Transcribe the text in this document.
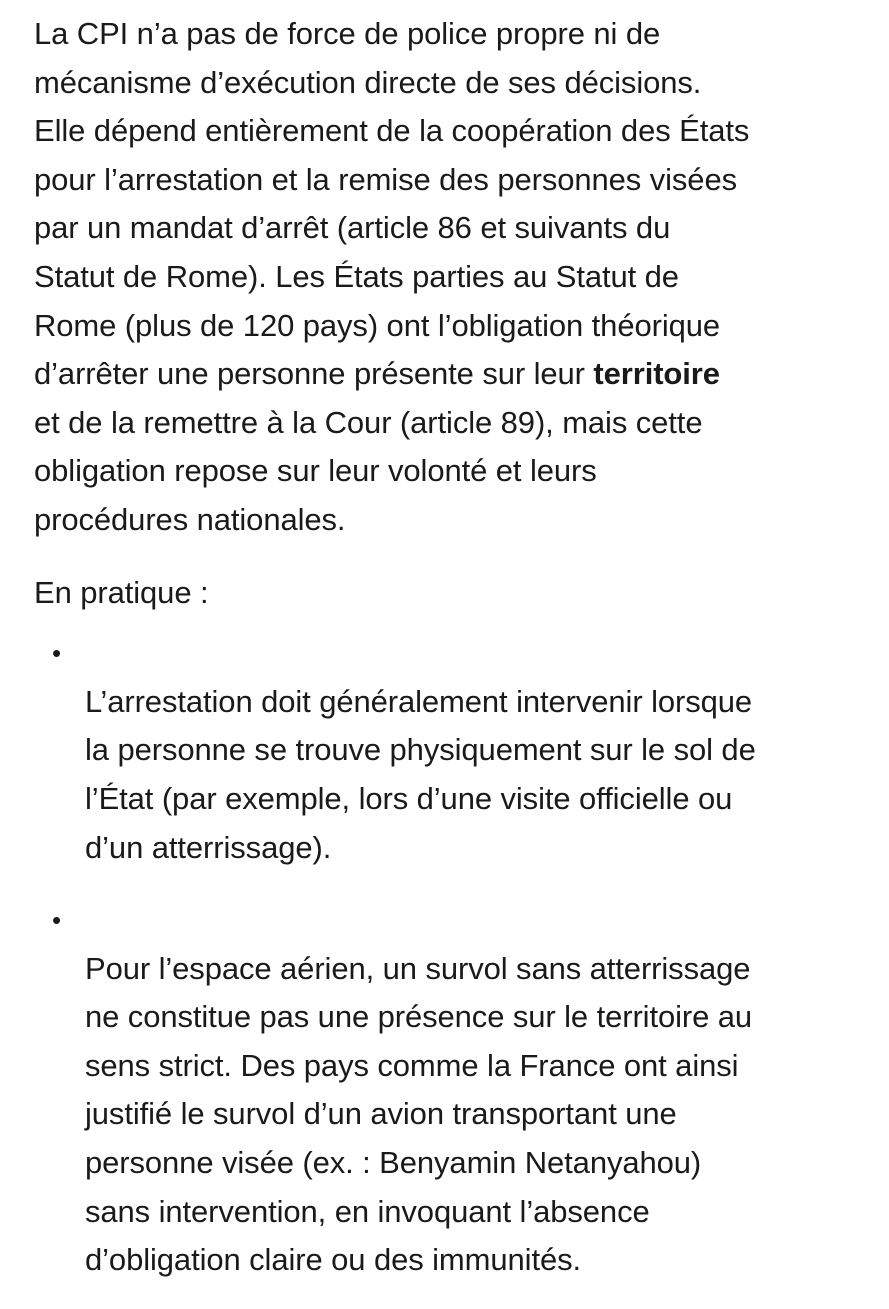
La CPI n’a pas de force de police propre ni de
mécanisme d’exécution directe de ses décisions.
Elle dépend entièrement de la coopération des États
pour l’arrestation et la remise des personnes visées
par un mandat d’arrêt (article 86 et suivants du
Statut de Rome). Les États parties au Statut de
Rome (plus de 120 pays) ont l’obligation théorique
d’arrêter une personne présente sur leur territoire
et de la remettre à la Cour (article 89), mais cette
obligation repose sur leur volonté et leurs
procédures nationales.

En pratique :

•
L’arrestation doit généralement intervenir lorsque
la personne se trouve physiquement sur le sol de
l’État (par exemple, lors d’une visite officielle ou
d’un atterrissage).

•
Pour l’espace aérien, un survol sans atterrissage
ne constitue pas une présence sur le territoire au
sens strict. Des pays comme la France ont ainsi
justifié le survol d’un avion transportant une
personne visée (ex. : Benyamin Netanyahou)
sans intervention, en invoquant l’absence
d’obligation claire ou des immunités.
